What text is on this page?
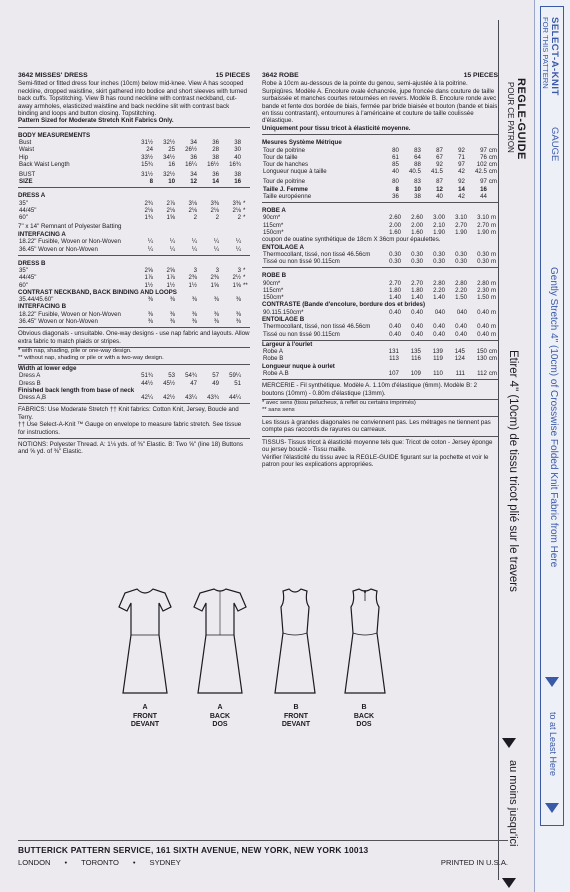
3642 MISSES' DRESS	15 PIECES
Semi-fitted or fitted dress four inches (10cm) below mid-knee. View A has scooped neckline, dropped waistline, skirt gathered into bodice and short sleeves with turned back cuffs. Topstitching. View B has round neckline with contrast neckband, cut-away armholes, elasticized waistline and back neckline slit with contrast back binding and loops and button closing. Topstitching.
Pattern Sized for Moderate Stretch Knit Fabrics Only.
BODY MEASUREMENTS
Bust	31½	32½	34	36	38	
Waist	24	25	26½	28	30	
Hip	33½	34½	36	38	40	
Back Waist Length	15¾	16	16¼	16½	16¾	
BUST	31½	32½	34	36	38	
SIZE	8	10	12	14	16	
DRESS A
35"	2¾	2⅞	3⅛	3⅜	3⅜	*
44/45"	2⅛	2⅛	2⅛	2⅛	2⅛	*
60"	1¾	1⅝	2	2	2	*
7" x 14" Remnant of Polyester Batting
INTERFACING A
18.22" Fusible, Woven or Non-Woven	¼	¼	¼	¼	¼	
36.45" Woven or Non-Woven	¼	¼	¼	¼	¼	
DRESS B
35"	2⅝	2⅝	3	3	3	*
44/45"	1⅞	1⅞	2⅜	2⅜	2½	*
60"	1½	1½	1½	1⅝	1⅝	**
CONTRAST NECKBAND, BACK BINDING AND LOOPS
35.44/45.60"	⅜	⅜	⅜	⅜	⅜	
INTERFACING B
18.22" Fusible, Woven or Non-Woven	⅜	⅜	⅜	⅜	⅜	
36.45" Woven or Non-Woven	⅜	⅜	⅜	⅜	⅜	
Obvious diagonals - unsuitable. One-way designs - use nap fabric and layouts. Allow extra fabric to match plaids or stripes.
* with nap, shading, pile or one-way design.
** without nap, shading or pile or with a two-way design.
Width at lower edge
Dress A	51¾	53	54¾	57	59¼	
Dress B	44½	45½	47	49	51	
Finished back length from base of neck
Dress A,B	42¼	42½	43¼	43¾	44¼	
FABRICS: Use Moderate Stretch †† Knit fabrics: Cotton Knit, Jersey, Boucle and Terry.
†† Use Select-A-Knit ™ Gauge on envelope to measure fabric stretch. See tissue for instructions.
NOTIONS: Polyester Thread. A: 1⅛ yds. of ⅜" Elastic. B: Two ⅝" (line 18) Buttons and ⅝ yd. of ⅜" Elastic.
3642 ROBE	15 PIECES
Robe à 10cm au-dessous de la pointe du genou, semi-ajustée à la poitrine. Surpiqûres. Modèle A. Encolure ovale échancrée, jupe froncée dans couture de taille surbaissée et manches courtes retournées en revers. Modèle B. Encolure ronde avec bande et fente dos bordée de biais, fermée par bride biaisée et bouton (bande et biais en tissu contrastant), entournures à l'américaine et couture de taille coulissée d'élastique.
Uniquement pour tissu tricot à élasticité moyenne.
Mesures Système Métrique
Tour de poitrine	80	83	87	92	97	cm
Tour de taille	61	64	67	71	76	cm
Tour de hanches	85	88	92	97	102	cm
Longueur nuque à taille	40	40.5	41.5	42	42.5	cm
Tour de poitrine	80	83	87	92	97	cm
Taille J. Femme	8	10	12	14	16	
Taille européenne	36	38	40	42	44	
ROBE A
90cm*	2.60	2.60	3.00	3.10	3.10	m
115cm*	2.00	2.00	2.10	2.70	2.70	m
150cm*	1.60	1.60	1.90	1.90	1.90	m
coupon de ouatine synthétique de 18cm X 36cm pour épaulettes.
ENTOILAGE A
Thermocollant, tissé, non tissé 46.56cm	0.30	0.30	0.30	0.30	0.30	m
Tissé ou non tissé 90.115cm	0.30	0.30	0.30	0.30	0.30	m
ROBE B
90cm*	2.70	2.70	2.80	2.80	2.80	m
115cm*	1.80	1.80	2.20	2.20	2.30	m
150cm*	1.40	1.40	1.40	1.50	1.50	m
CONTRASTE (Bande d'encolure, bordure dos et brides)
90.115.150cm*	0.40	0.40	040	040	0.40	m
ENTOILAGE B
Thermocollant, tissé, non tissé 46.56cm	0.40	0.40	0.40	0.40	0.40	m
Tissé ou non tissé 90.115cm	0.40	0.40	0.40	0.40	0.40	m
Largeur à l'ourlet
Robe A	131	135	139	145	150	cm
Robe B	113	116	119	124	130	cm
Longueur nuque à ourlet
Robe A.B	107	109	110	111	112	cm
MERCERIE - Fil synthétique. Modèle A. 1.10m d'élastique (6mm). Modèle B: 2 boutons (10mm) - 0.80m d'élastique (13mm).
* avec sens (tissu pelucheux, à reflet ou certains imprimés)
** sans sens
Les tissus à grandes diagonales ne conviennent pas. Les métrages ne tiennent pas compte pas raccords de rayures ou carreaux.
TISSUS- Tissus tricot à élasticité moyenne tels que: Tricot de coton - Jersey éponge ou jersey bouclé - Tissu maille.
Vérifier l'élasticité du tissu avec la REGLE-GUIDE figurant sur la pochette et voir le patron pour les explications appropriées.
A
FRONT
DEVANT
A
BACK
DOS
B
FRONT
DEVANT
B
BACK
DOS
REGLE-GUIDE
POUR CE PATRON
Etirer 4" (10cm) de tissu tricot plié sur le travers
au moins jusqu'ici
SELECT-A-KNIT
GAUGE
FOR THIS PATTERN
Gently Stretch 4" (10cm) of Crosswise Folded Knit Fabric from Here
to at Least Here
BUTTERICK PATTERN SERVICE, 161 SIXTH AVENUE, NEW YORK, NEW YORK 10013
LONDON • TORONTO • SYDNEY	PRINTED IN U.S.A.
